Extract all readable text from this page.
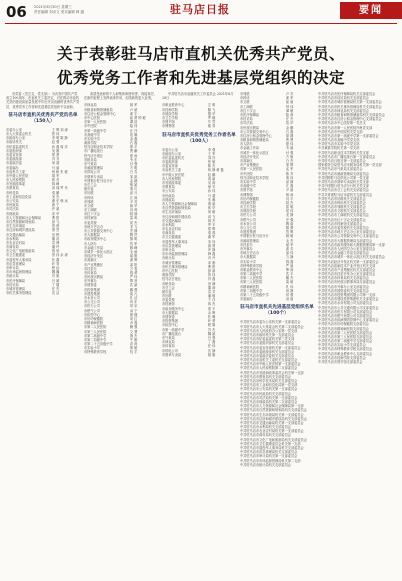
06 2021年6月30日 星期三
责任编辑 刘贞义 美术编辑 韩 越	驻马店日报	要闻
关于表彰驻马店市直机关优秀共产党员、
优秀党务工作者和先进基层党组织的决定

各党委（党总支、党支部）：为庆祝中国共产党成立100周年，市直机关工委决定，对在推动市直机关党的建设高质量发展中作出突出贡献的优秀共产党员、优秀党务工作者和先进基层党组织予以表彰。

驻马店市直机关优秀共产党员名单
（150人）
市委办公室	王 辉 刘 涛
市人大常委会机关	张 伟
市政府办公室	李 明 陈 静
市政协机关	赵 强
市纪委监委机关	孙 磊 周 洋
市委组织部	吴 刚
市委宣传部	郑 勇
市委统战部	冯 芳
市委政法委	何 超
市委编办	马 丽
市直机关工委	杨 帆 朱 敏
市中级人民法院	胡 军
市人民检察院	郭 亮
市发展改革委	林 峰
市教育局	高 翔 罗 丹
市科技局	梁 鹏
市工业和信息化局	宋 杰
市公安局	谢 东 韩 冰
市民政局	唐 宁
市司法局	许 斌
市财政局	邓 华
市人力资源和社会保障局	曹 阳
市自然资源和规划局	彭 飞
市生态环境局	曾 晨
市住房和城乡建设局	萧 然
市交通运输局	田 野
市水利局	董 浩
市农业农村局	袁 博
市商务局	潘 玲
市文化广电和旅游局	蒋 欣
市卫生健康委	蔡 伟 余 涛
市退役军人事务局	杜 鑫
市应急管理局	叶 青
市审计局	程 远
市市场监督管理局	魏 巍
市统计局	苏 航
市医疗保障局	吕 颖
市信访局	丁 健
市城市管理局	任 杰
市机关事务管理局	沈 洁

希望受表彰的个人和集体珍惜荣誉、再接再厉，在新的征程上发挥表率作用，创造新的更大业绩。

市林业局	姚 军
市粮食和物资储备局	卢 斌
市住房公积金管理中心	姜 宇
市中心医院	崔 勇 钟 敏
市第一人民医院	谭 浩
市中医院	陆 伟
市第一高级中学	汪 洋
市高级中学	范 琳
市实验中学	金 鑫
黄淮学院	石 磊
驻马店职业技术学院	廖 平
市广播电视台	贾 鹏
驻马店日报社	夏 雨
市税务局	韦 东
市气象局	付 强
市邮政管理局	方 明
市供电公司	白 雪
市烟草专卖局	邹 凯
中国银行驻马店分行	孟 娜
市总工会	熊 斌
团市委	秦 川
市妇联	邱 月
市科协	江 涛
市残联	尹 亮
市文联	薛 华
市工商联	闫 帅
市红十字会	段 瑞
市档案馆	雷 鸣
市委党校	侯 杰
市地方史志办	龙 飞
市公共资源交易中心	史 静
市大数据局	陶 然
市政务服务中心	黎 明
市人防办	贺 军
市金融工作局	顾 峰
市城乡一体化示范区	毛 丽
市经济开发区	郝 刚
市高新区	龚 辉
市产业集聚区	邵 阳
市扶贫办	万 春
市体育局	钱 勇
市民族宗教局	严 伟
市外事办	覃 菲
市国资委	武 斌
市投资集团	戴 强
市建投集团	莫 凡
市水务公司	孔 洁
市公交公司	向 东
市热力公司	常 乐
市燃气公司	汤 宁
市疾控中心	康 健
市妇幼保健院	易 红
市精神病医院	乔 磊
市第二人民医院	赖 强
市第三人民医院	文 慧
市第二高级中学	施 杰
市第二初级中学	牛 刚
市第二十五初级中学	洪 涛
市实验小学	邢 敏
市特殊教育学校	包 宇

中共驻马店市直属机关工作委员会 2021年6月28日

市职业教育中心	左 明
市技师学院	滕 飞
市财经学校	殷 华
市卫生学校	罗 娜
市图书馆	毕 然
市博物馆	郁 青
驻马店市直机关优秀党务工作者名单
（100人）
市委办公室	李 强
市政府办公室	王 军
市纪委监委机关	刘 洋
市委组织部	张 敏
市委宣传部	陈 杰
市直机关工委	杨 静 黄 磊
市中级人民法院	赵 鹏
市人民检察院	周 丽
市发展改革委	吴 涛
市教育局	徐 芳
市公安局	孙 伟
市民政局	马 超
市财政局	朱 琳
市人力资源和社会保障局	胡 斌
市自然资源和规划局	郭 华
市生态环境局	何 敏
市住房和城乡建设局	高 飞
市交通运输局	林 杰
市水利局	罗 平
市农业农村局	郑 辉
市商务局	梁 燕
市卫生健康委	谢 军
市退役军人事务局	宋 伟
市应急管理局	唐 勇
市审计局	许 静
市市场监督管理局	韩 磊
市统计局	冯 丹
市城市管理局	邓 刚
市机关事务管理局	曹 阳
市中心医院	彭 丽
黄淮学院	曾 伟
驻马店日报社	肖 磊
市税务局	田 静
市总工会	董 涛
团市委	袁 芳
市妇联	潘 敏
市委党校	于 洋
市档案馆	蒋 杰
市政务服务中心	蔡 平
市大数据局	余 辉
市国资委	杜 琳
市投资集团	叶 勇
市疾控中心	程 娟
市第一高级中学	苏 杰
市广播电视台	魏 斌
市气象局	吕 强
市林业局	丁 磊
市体育局	任 伟
市供电公司	沈 静
市烟草专卖局	姚 刚
市残联	卢 芳
市科协	姜 军
市文联	崔 丽
市工商联	钟 伟
市红十字会	谭 敏
市医疗保障局	陆 涛
市信访局	汪 杰
市司法局	范 华
市民族宗教局	金 鹏
市公共资源交易中心	石 磊
市住房公积金管理中心	廖 静
市粮食和物资储备局	贾 勇
市人防办	夏 伟
市金融工作局	韦 丽
市城乡一体化示范区	付 强
市经济开发区	方 敏
市高新区	白 杰
市产业集聚区	邹 辉
市第一人民医院	孟 军
市中医院	熊 芳
驻马店职业技术学院	秦 伟
市实验中学	邱 静
市高级中学	江 磊
市图书馆	尹 丽
市博物馆	薛 涛
市妇幼保健院	闫 平
市技师学院	段 杰
市卫生学校	雷 敏
市财经学校	侯 伟
市热力公司	龙 静
市燃气公司	史 强
市水务公司	陶 丽
市公交公司	黎 勇
市建投集团	贺 辉
中国银行驻马店分行	顾 敏
市邮政管理局	毛 杰
市扶贫办	郝 军
市外事办	龚 芳
市地方史志办	邵 伟
市大数据局	万 静
市实验小学	钱 磊
市特殊教育学校	严 丽
市职业教育中心	覃 涛
市第二高级中学	武 平
市第二人民医院	戴 杰
市第三人民医院	莫 敏
市精神病医院	孔 伟
市第二初级中学	向 静
市第二十五初级中学	常 强
市委编办	汤 丽
驻马店市直机关先进基层党组织名单
（100个）
中共驻马店市委办公室机关第一支部委员会
中共驻马店市人大常委会机关第二支部委员会
中共驻马店市人民政府办公室第一党支部
中共驻马店市政协机关第一支部委员会
中共驻马店市纪委监委机关第三党支部
中共驻马店市委组织部机关支部委员会
中共驻马店市委宣传部机关第一支部委员会
中共驻马店市委统战部机关支部委员会
中共驻马店市委政法委机关支部委员会
中共驻马店市直机关工委机关支部委员会
中共驻马店市中级人民法院第一支部委员会
中共驻马店市人民检察院第二支部委员会
中共驻马店市发展和改革委员会机关第一支部
中共驻马店市教育局机关支部委员会
中共驻马店市科学技术局机关支部委员会
中共驻马店市工业和信息化局第一党支部
中共驻马店市公安局机关第一支部委员会
中共驻马店市民政局机关支部委员会
中共驻马店市司法局机关第一支部委员会
中共驻马店市财政局机关第二支部委员会
中共驻马店市人力资源和社会保障局第一支部
中共驻马店市自然资源和规划局机关支部委员会
中共驻马店市生态环境局机关第一支部委员会
中共驻马店市住房和城乡建设局机关支部委员会
中共驻马店市交通运输局机关第一支部委员会
中共驻马店市水利局机关支部委员会
中共驻马店市农业农村局机关第一支部委员会
中共驻马店市商务局机关支部委员会
中共驻马店市文化广电和旅游局机关支部委员会
中共驻马店市卫生健康委员会机关第一支部
中共驻马店市退役军人事务局机关支部委员会
中共驻马店市应急管理局机关支部委员会
中共驻马店市审计局机关第一支部委员会
中共驻马店市市场监督管理局机关第二支部
中共驻马店市统计局机关支部委员会
中共驻马店市医疗保障局机关支部委员会
中共驻马店市信访局机关支部委员会
中共驻马店市城市管理局机关第一支部委员会
中共驻马店市机关事务管理局机关支部委员会
中共驻马店市林业局机关支部委员会
中共驻马店市粮食和物资储备局机关支部委员会
中共驻马店市住房公积金管理中心支部委员会
中共驻马店市中心医院第一党总支
中共驻马店市第一人民医院内科党支部
中共驻马店市中医院机关党支部
中共驻马店市第一高级中学第一支部委员会
中共驻马店市高级中学党支部
中共驻马店市实验中学党支部
中共黄淮学院机关第一党支部
中共驻马店职业技术学院机关党支部
中共驻马店市广播电视台第一支部委员会
中共驻马店日报社第一支部委员会
国家税务总局驻马店市税务局机关第一党支部
中共驻马店市气象局支部委员会
中共驻马店市邮政管理局支部委员会
中共国网驻马店供电公司第一党支部
中共驻马店市烟草专卖局机关党支部
中共中国银行驻马店分行机关党支部
中共驻马店市总工会机关支部委员会
中共共青团驻马店市委机关支部委员会
中共驻马店市妇联机关支部委员会
中共驻马店市科协机关支部委员会
中共驻马店市残联机关支部委员会
中共驻马店市文联机关支部委员会
中共驻马店市工商联机关支部委员会
中共驻马店市红十字会支部委员会
中共驻马店市档案馆支部委员会
中共驻马店市委党校机关支部委员会
中共驻马店市地方史志办公室支部委员会
中共驻马店市公共资源交易中心支部委员会
中共驻马店市大数据管理局支部委员会
中共驻马店市政务服务和大数据管理局第一支部
中共驻马店市人民防空办公室支部委员会
中共驻马店市金融工作局支部委员会
中共驻马店市城乡一体化示范区机关支部委员会
中共驻马店经济开发区机关第一支部委员会
中共驻马店高新技术产业开发区机关支部
中共驻马店市产业集聚区机关支部委员会
中共驻马店市扶贫开发办公室支部委员会
中共驻马店市体育局机关支部委员会
中共驻马店市民族宗教事务局支部委员会
中共驻马店市外事办公室支部委员会
中共驻马店市国资委机关支部委员会
中共驻马店市投资集团有限公司第一支部
中共驻马店市建设投资集团机关支部委员会
中共驻马店市水务有限公司支部委员会
中共驻马店市公共交通有限公司支部委员会
中共驻马店市热力有限公司支部委员会
中共驻马店市燃气有限公司支部委员会
中共驻马店市疾病预防控制中心支部委员会
中共驻马店市妇幼保健院支部委员会
中共驻马店市精神病医院支部委员会
中共驻马店市第二人民医院支部委员会
中共驻马店市第三人民医院支部委员会
中共驻马店市第二高级中学支部委员会
中共驻马店市实验小学支部委员会
中共驻马店市特殊教育学校支部委员会
中共驻马店市职业教育中心支部委员会
中共驻马店市技师学院支部委员会
中共驻马店市图书馆支部委员会
